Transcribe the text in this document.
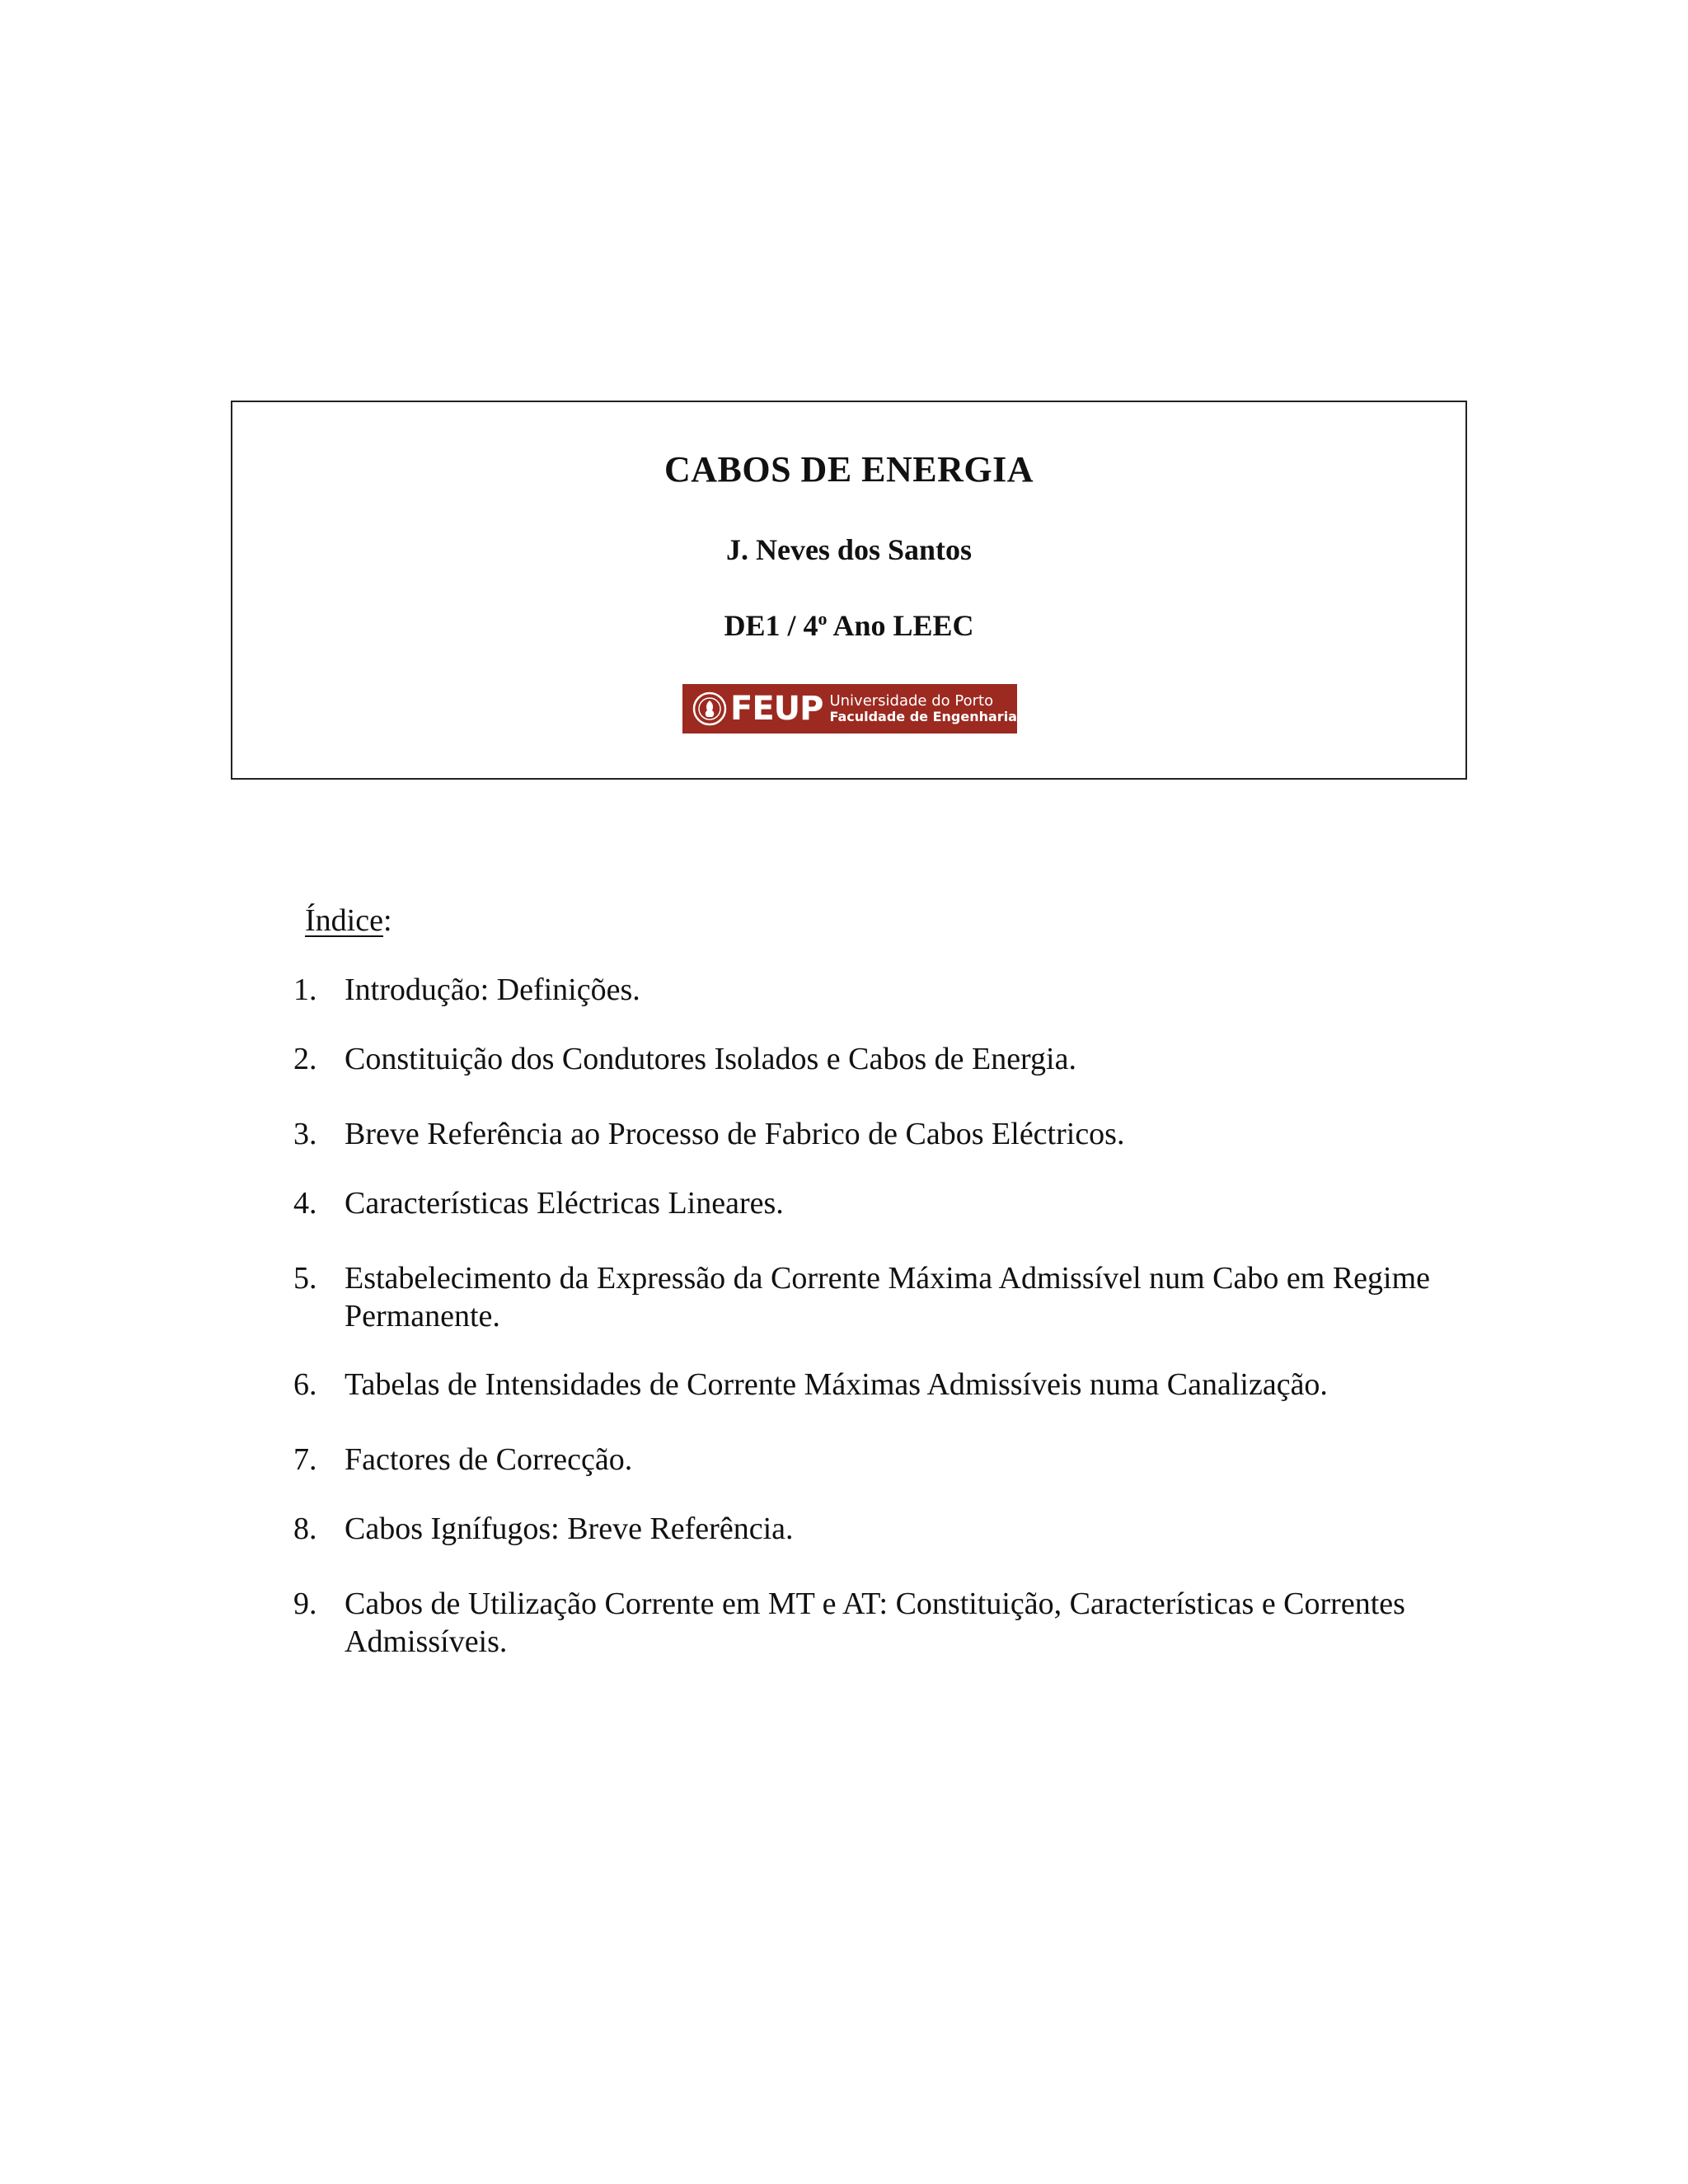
CABOS DE ENERGIA
J. Neves dos Santos
DE1 / 4$^o$ Ano LEEC
FEUP Universidade do Porto
Faculdade de Engenharia
Índice:
1. Introdução: Definições.
2. Constituição dos Condutores Isolados e Cabos de Energia.
3. Breve Referência ao Processo de Fabrico de Cabos Eléctricos.
4. Características Eléctricas Lineares.
5. Estabelecimento da Expressão da Corrente Máxima Admissível num Cabo em Regime Permanente.
6. Tabelas de Intensidades de Corrente Máximas Admissíveis numa Canalização.
7. Factores de Correcção.
8. Cabos Ignífugos: Breve Referência.
9. Cabos de Utilização Corrente em MT e AT: Constituição, Características e Correntes Admissíveis.
